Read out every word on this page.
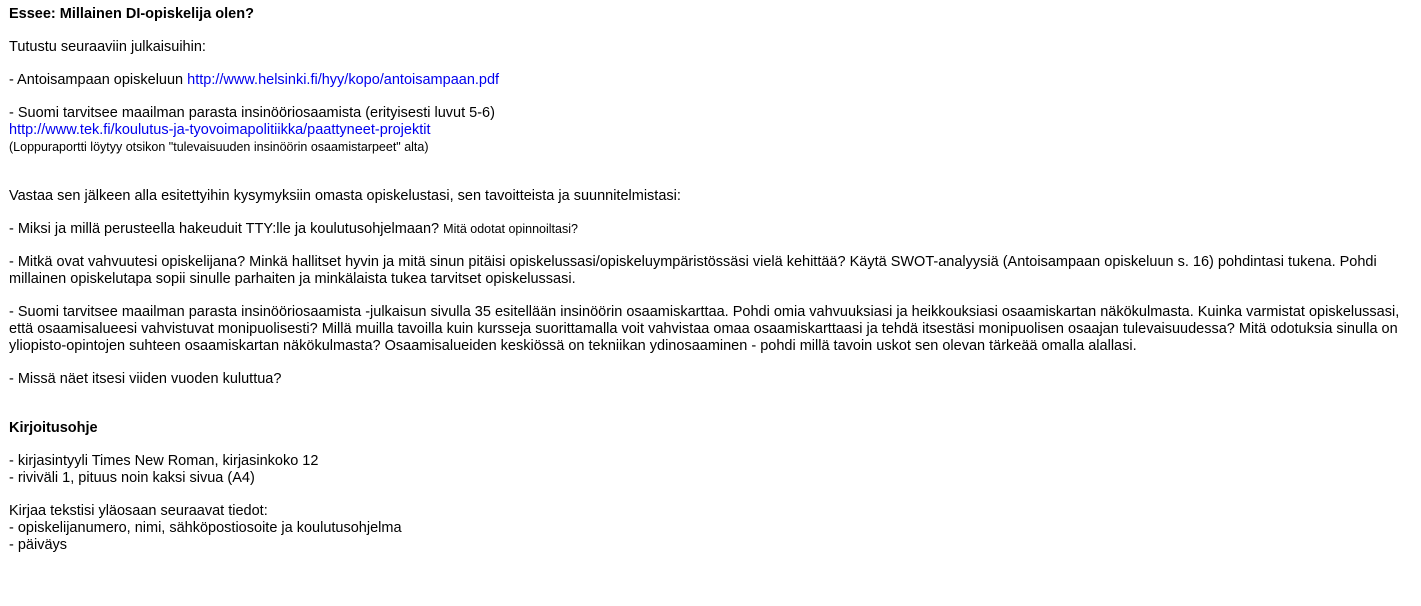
Essee: Millainen DI-opiskelija olen?

Tutustu seuraaviin julkaisuihin:

- Antoisampaan opiskeluun http://www.helsinki.fi/hyy/kopo/antoisampaan.pdf

- Suomi tarvitsee maailman parasta insinööriosaamista (erityisesti luvut 5-6)

http://www.tek.fi/koulutus-ja-tyovoimapolitiikka/paattyneet-projektit

(Loppuraportti löytyy otsikon "tulevaisuuden insinöörin osaamistarpeet" alta)

Vastaa sen jälkeen alla esitettyihin kysymyksiin omasta opiskelustasi, sen tavoitteista ja suunnitelmistasi:

- Miksi ja millä perusteella hakeuduit TTY:lle ja koulutusohjelmaan? Mitä odotat opinnoiltasi?

- Mitkä ovat vahvuutesi opiskelijana? Minkä hallitset hyvin ja mitä sinun pitäisi opiskelussasi/opiskeluympäristössäsi vielä kehittää? Käytä SWOT-analyysiä (Antoisampaan opiskeluun s. 16) pohdintasi tukena. Pohdi millainen opiskelutapa sopii sinulle parhaiten ja minkälaista tukea tarvitset opiskelussasi.

- Suomi tarvitsee maailman parasta insinööriosaamista -julkaisun sivulla 35 esitellään insinöörin osaamiskarttaa. Pohdi omia vahvuuksiasi ja heikkouksiasi osaamiskartan näkökulmasta. Kuinka varmistat opiskelussasi, että osaamisalueesi vahvistuvat monipuolisesti? Millä muilla tavoilla kuin kursseja suorittamalla voit vahvistaa omaa osaamiskarttaasi ja tehdä itsestäsi monipuolisen osaajan tulevaisuudessa? Mitä odotuksia sinulla on yliopisto-opintojen suhteen osaamiskartan näkökulmasta? Osaamisalueiden keskiössä on tekniikan ydinosaaminen - pohdi millä tavoin uskot sen olevan tärkeää omalla alallasi.

- Missä näet itsesi viiden vuoden kuluttua?

Kirjoitusohje

- kirjasintyyli Times New Roman, kirjasinkoko 12

- riviväli 1, pituus noin kaksi sivua (A4)

Kirjaa tekstisi yläosaan seuraavat tiedot:

- opiskelijanumero, nimi, sähköpostiosoite ja koulutusohjelma

- päiväys
